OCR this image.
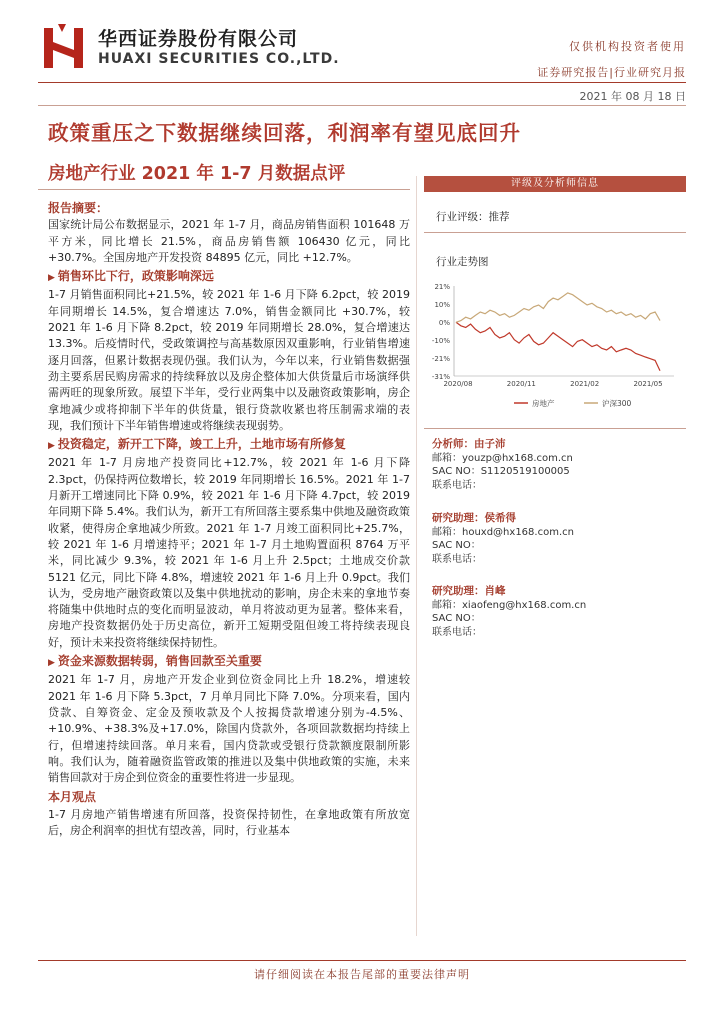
华西证券股份有限公司
HUAXI SECURITIES CO.,LTD.
仅供机构投资者使用
证券研究报告|行业研究月报
2021 年 08 月 18 日
政策重压之下数据继续回落，利润率有望见底回升
房地产行业 2021 年 1-7 月数据点评
报告摘要：

国家统计局公布数据显示，2021 年 1-7 月，商品房销售面积 101648 万平方米，同比增长 21.5%，商品房销售额 106430 亿元，同比+30.7%。全国房地产开发投资 84895 亿元，同比 +12.7%。

▶ 销售环比下行，政策影响深远

1-7 月销售面积同比+21.5%，较 2021 年 1-6 月下降 6.2pct，较 2019 年同期增长 14.5%，复合增速达 7.0%，销售金额同比 +30.7%，较 2021 年 1-6 月下降 8.2pct，较 2019 年同期增长 28.0%，复合增速达 13.3%。后疫情时代，受政策调控与高基数原因双重影响，行业销售增速逐月回落，但累计数据表现仍强。我们认为，今年以来，行业销售数据强劲主要系居民购房需求的持续释放以及房企整体加大供货量后市场演绎供需两旺的现象所致。展望下半年，受行业两集中以及融资政策影响，房企拿地减少或将抑制下半年的供货量，银行贷款收紧也将压制需求端的表现，我们预计下半年销售增速或将继续表现弱势。

▶ 投资稳定，新开工下降，竣工上升，土地市场有所修复

2021 年 1-7 月房地产投资同比+12.7%，较 2021 年 1-6 月下降 2.3pct，仍保持两位数增长，较 2019 年同期增长 16.5%。2021 年 1-7 月新开工增速同比下降 0.9%，较 2021 年 1-6 月下降 4.7pct，较 2019 年同期下降 5.4%。我们认为，新开工有所回落主要系集中供地及融资政策收紧，使得房企拿地减少所致。2021 年 1-7 月竣工面积同比+25.7%，较 2021 年 1-6 月增速持平；2021 年 1-7 月土地购置面积 8764 万平米，同比减少 9.3%，较 2021 年 1-6 月上升 2.5pct；土地成交价款 5121 亿元，同比下降 4.8%，增速较 2021 年 1-6 月上升 0.9pct。我们认为，受房地产融资政策以及集中供地扰动的影响，房企未来的拿地节奏将随集中供地时点的变化而明显波动，单月将波动更为显著。整体来看，房地产投资数据仍处于历史高位，新开工短期受阻但竣工将持续表现良好，预计未来投资将继续保持韧性。

▶ 资金来源数据转弱，销售回款至关重要

2021 年 1-7 月，房地产开发企业到位资金同比上升 18.2%，增速较 2021 年 1-6 月下降 5.3pct，7 月单月同比下降 7.0%。分项来看，国内贷款、自筹资金、定金及预收款及个人按揭贷款增速分别为-4.5%、+10.9%、+38.3%及+17.0%，除国内贷款外，各项回款数据均持续上行，但增速持续回落。单月来看，国内贷款或受银行贷款额度限制所影响。我们认为，随着融资监管政策的推进以及集中供地政策的实施，未来销售回款对于房企到位资金的重要性将进一步显现。

本月观点

1-7 月房地产销售增速有所回落，投资保持韧性，在拿地政策有所放宽后，房企利润率的担忧有望改善，同时，行业基本

评级及分析师信息
行业评级：推荐
行业走势图
21%
10%
0%
-10%
-21%
-31%
2020/08	2020/11	2021/02	2021/05
房地产	沪深300
分析师：由子沛
邮箱：youzp@hx168.com.cn
SAC NO：S1120519100005
联系电话：
研究助理：侯希得
邮箱：houxd@hx168.com.cn
SAC NO：
联系电话：
研究助理：肖峰
邮箱：xiaofeng@hx168.com.cn
SAC NO：
联系电话：
请仔细阅读在本报告尾部的重要法律声明
